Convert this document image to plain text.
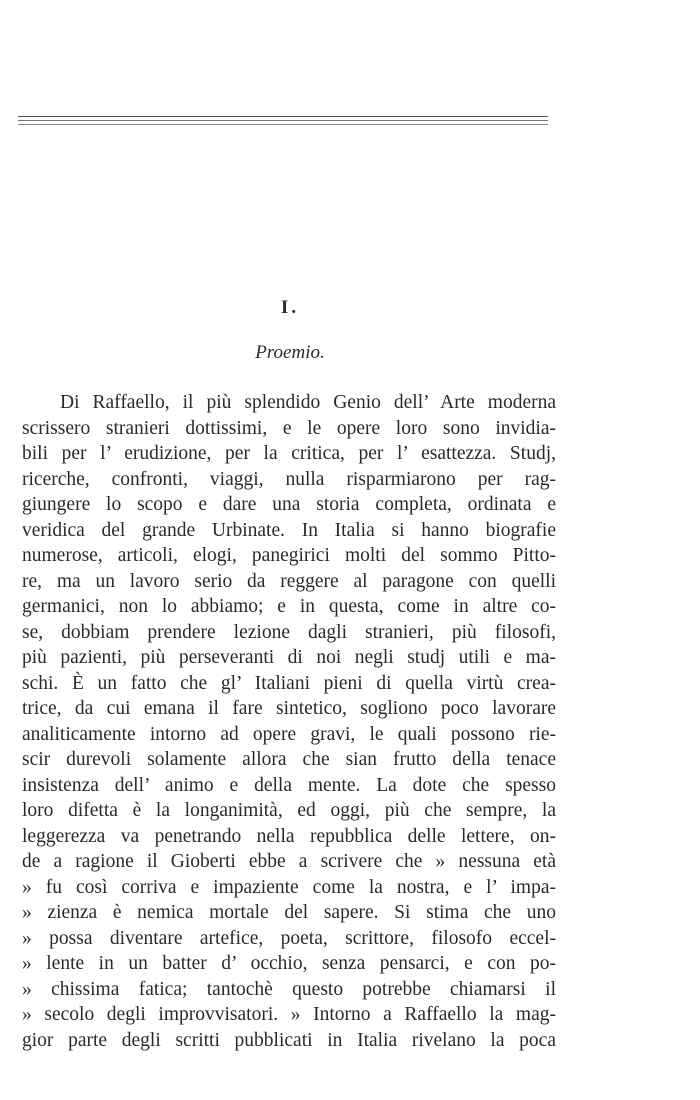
I.
Proemio.
Di Raffaello, il più splendido Genio dell’ Arte moderna
scrissero stranieri dottissimi, e le opere loro sono invidia-
bili per l’ erudizione, per la critica, per l’ esattezza. Studj,
ricerche, confronti, viaggi, nulla risparmiarono per rag-
giungere lo scopo e dare una storia completa, ordinata e
veridica del grande Urbinate. In Italia si hanno biografie
numerose, articoli, elogi, panegirici molti del sommo Pitto-
re, ma un lavoro serio da reggere al paragone con quelli
germanici, non lo abbiamo; e in questa, come in altre co-
se, dobbiam prendere lezione dagli stranieri, più filosofi,
più pazienti, più perseveranti di noi negli studj utili e ma-
schi. È un fatto che gl’ Italiani pieni di quella virtù crea-
trice, da cui emana il fare sintetico, sogliono poco lavorare
analiticamente intorno ad opere gravi, le quali possono rie-
scir durevoli solamente allora che sian frutto della tenace
insistenza dell’ animo e della mente. La dote che spesso
loro difetta è la longanimità, ed oggi, più che sempre, la
leggerezza va penetrando nella repubblica delle lettere, on-
de a ragione il Gioberti ebbe a scrivere che » nessuna età
» fu così corriva e impaziente come la nostra, e l’ impa-
» zienza è nemica mortale del sapere. Si stima che uno
» possa diventare artefice, poeta, scrittore, filosofo eccel-
» lente in un batter d’ occhio, senza pensarci, e con po-
» chissima fatica; tantochè questo potrebbe chiamarsi il
» secolo degli improvvisatori. » Intorno a Raffaello la mag-
gior parte degli scritti pubblicati in Italia rivelano la poca
